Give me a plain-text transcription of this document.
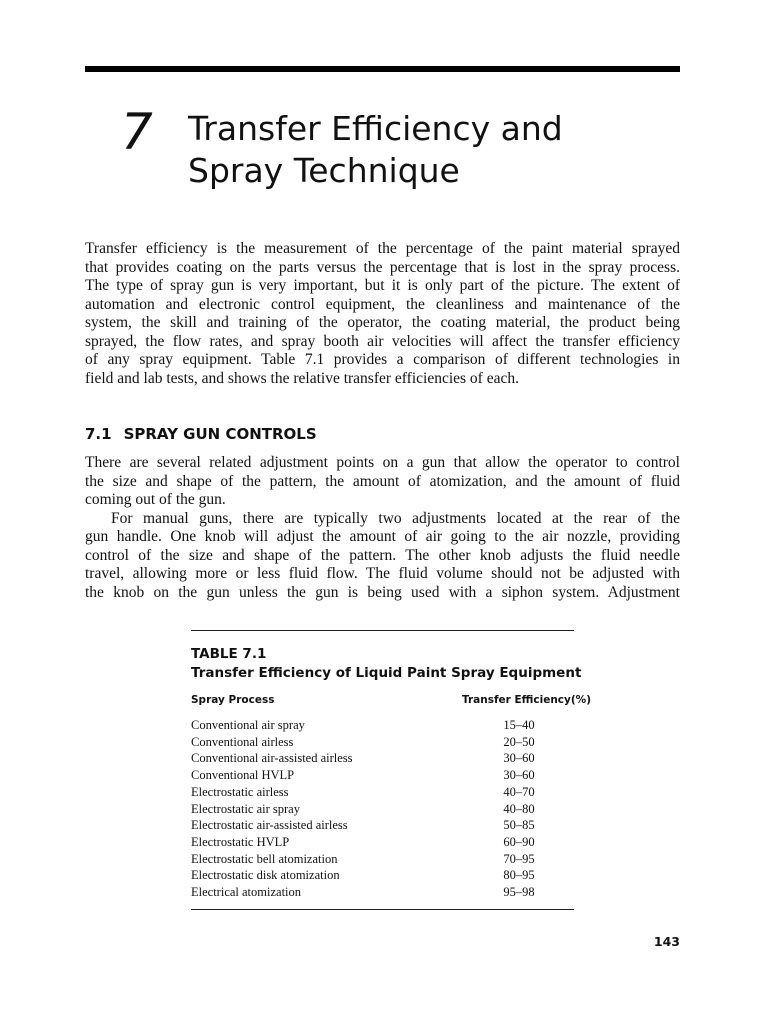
7 Transfer Efficiency and
Spray Technique
Transfer efficiency is the measurement of the percentage of the paint material sprayed
that provides coating on the parts versus the percentage that is lost in the spray process.
The type of spray gun is very important, but it is only part of the picture. The extent of
automation and electronic control equipment, the cleanliness and maintenance of the
system, the skill and training of the operator, the coating material, the product being
sprayed, the flow rates, and spray booth air velocities will affect the transfer efficiency
of any spray equipment. Table 7.1 provides a comparison of different technologies in
field and lab tests, and shows the relative transfer efficiencies of each.
7.1 SPRAY GUN CONTROLS
There are several related adjustment points on a gun that allow the operator to control
the size and shape of the pattern, the amount of atomization, and the amount of fluid
coming out of the gun.
For manual guns, there are typically two adjustments located at the rear of the
gun handle. One knob will adjust the amount of air going to the air nozzle, providing
control of the size and shape of the pattern. The other knob adjusts the fluid needle
travel, allowing more or less fluid flow. The fluid volume should not be adjusted with
the knob on the gun unless the gun is being used with a siphon system. Adjustment
TABLE 7.1
Transfer Efficiency of Liquid Paint Spray Equipment
Spray Process	Transfer Efficiency(%)
Conventional air spray	15–40
Conventional airless	20–50
Conventional air-assisted airless	30–60
Conventional HVLP	30–60
Electrostatic airless	40–70
Electrostatic air spray	40–80
Electrostatic air-assisted airless	50–85
Electrostatic HVLP	60–90
Electrostatic bell atomization	70–95
Electrostatic disk atomization	80–95
Electrical atomization	95–98
143
